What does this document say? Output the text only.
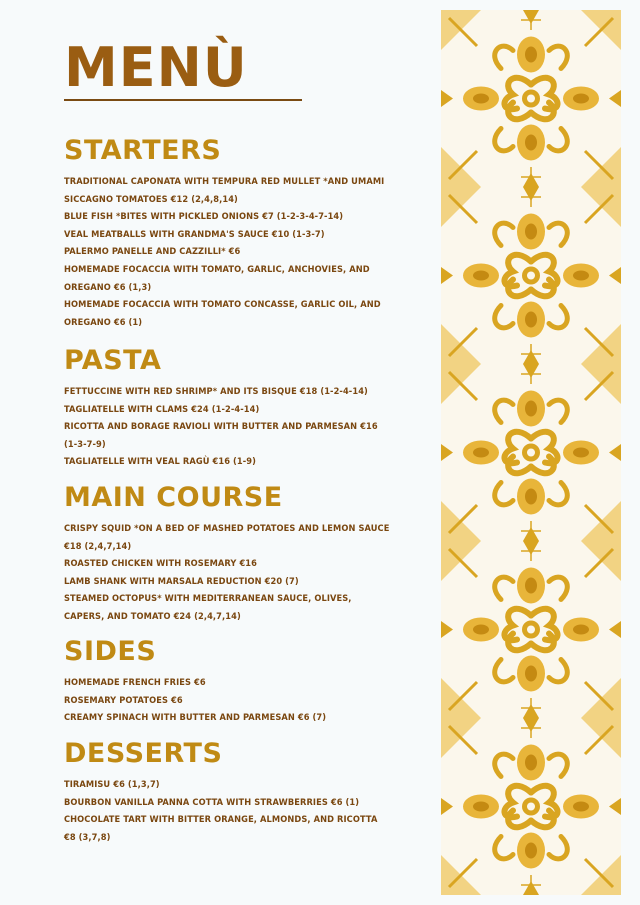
MENÙ
STARTERS
TRADITIONAL CAPONATA WITH TEMPURA RED MULLET *AND UMAMI
SICCAGNO TOMATOES €12 (2,4,8,14)
BLUE FISH *BITES WITH PICKLED ONIONS €7 (1-2-3-4-7-14)
VEAL MEATBALLS WITH GRANDMA'S SAUCE €10 (1-3-7)
PALERMO PANELLE AND CAZZILLI* €6
HOMEMADE FOCACCIA WITH TOMATO, GARLIC, ANCHOVIES, AND
OREGANO €6 (1,3)
HOMEMADE FOCACCIA WITH TOMATO CONCASSE, GARLIC OIL, AND
OREGANO €6 (1)
PASTA
FETTUCCINE WITH RED SHRIMP* AND ITS BISQUE €18 (1-2-4-14)
TAGLIATELLE WITH CLAMS €24 (1-2-4-14)
RICOTTA AND BORAGE RAVIOLI WITH BUTTER AND PARMESAN €16
(1-3-7-9)
TAGLIATELLE WITH VEAL RAGÙ €16 (1-9)
MAIN COURSE
CRISPY SQUID *ON A BED OF MASHED POTATOES AND LEMON SAUCE
€18 (2,4,7,14)
ROASTED CHICKEN WITH ROSEMARY €16
LAMB SHANK WITH MARSALA REDUCTION €20 (7)
STEAMED OCTOPUS* WITH MEDITERRANEAN SAUCE, OLIVES,
CAPERS, AND TOMATO €24 (2,4,7,14)
SIDES
HOMEMADE FRENCH FRIES €6
ROSEMARY POTATOES €6
CREAMY SPINACH WITH BUTTER AND PARMESAN €6 (7)
DESSERTS
TIRAMISU €6 (1,3,7)
BOURBON VANILLA PANNA COTTA WITH STRAWBERRIES €6 (1)
CHOCOLATE TART WITH BITTER ORANGE, ALMONDS, AND RICOTTA
€8 (3,7,8)
